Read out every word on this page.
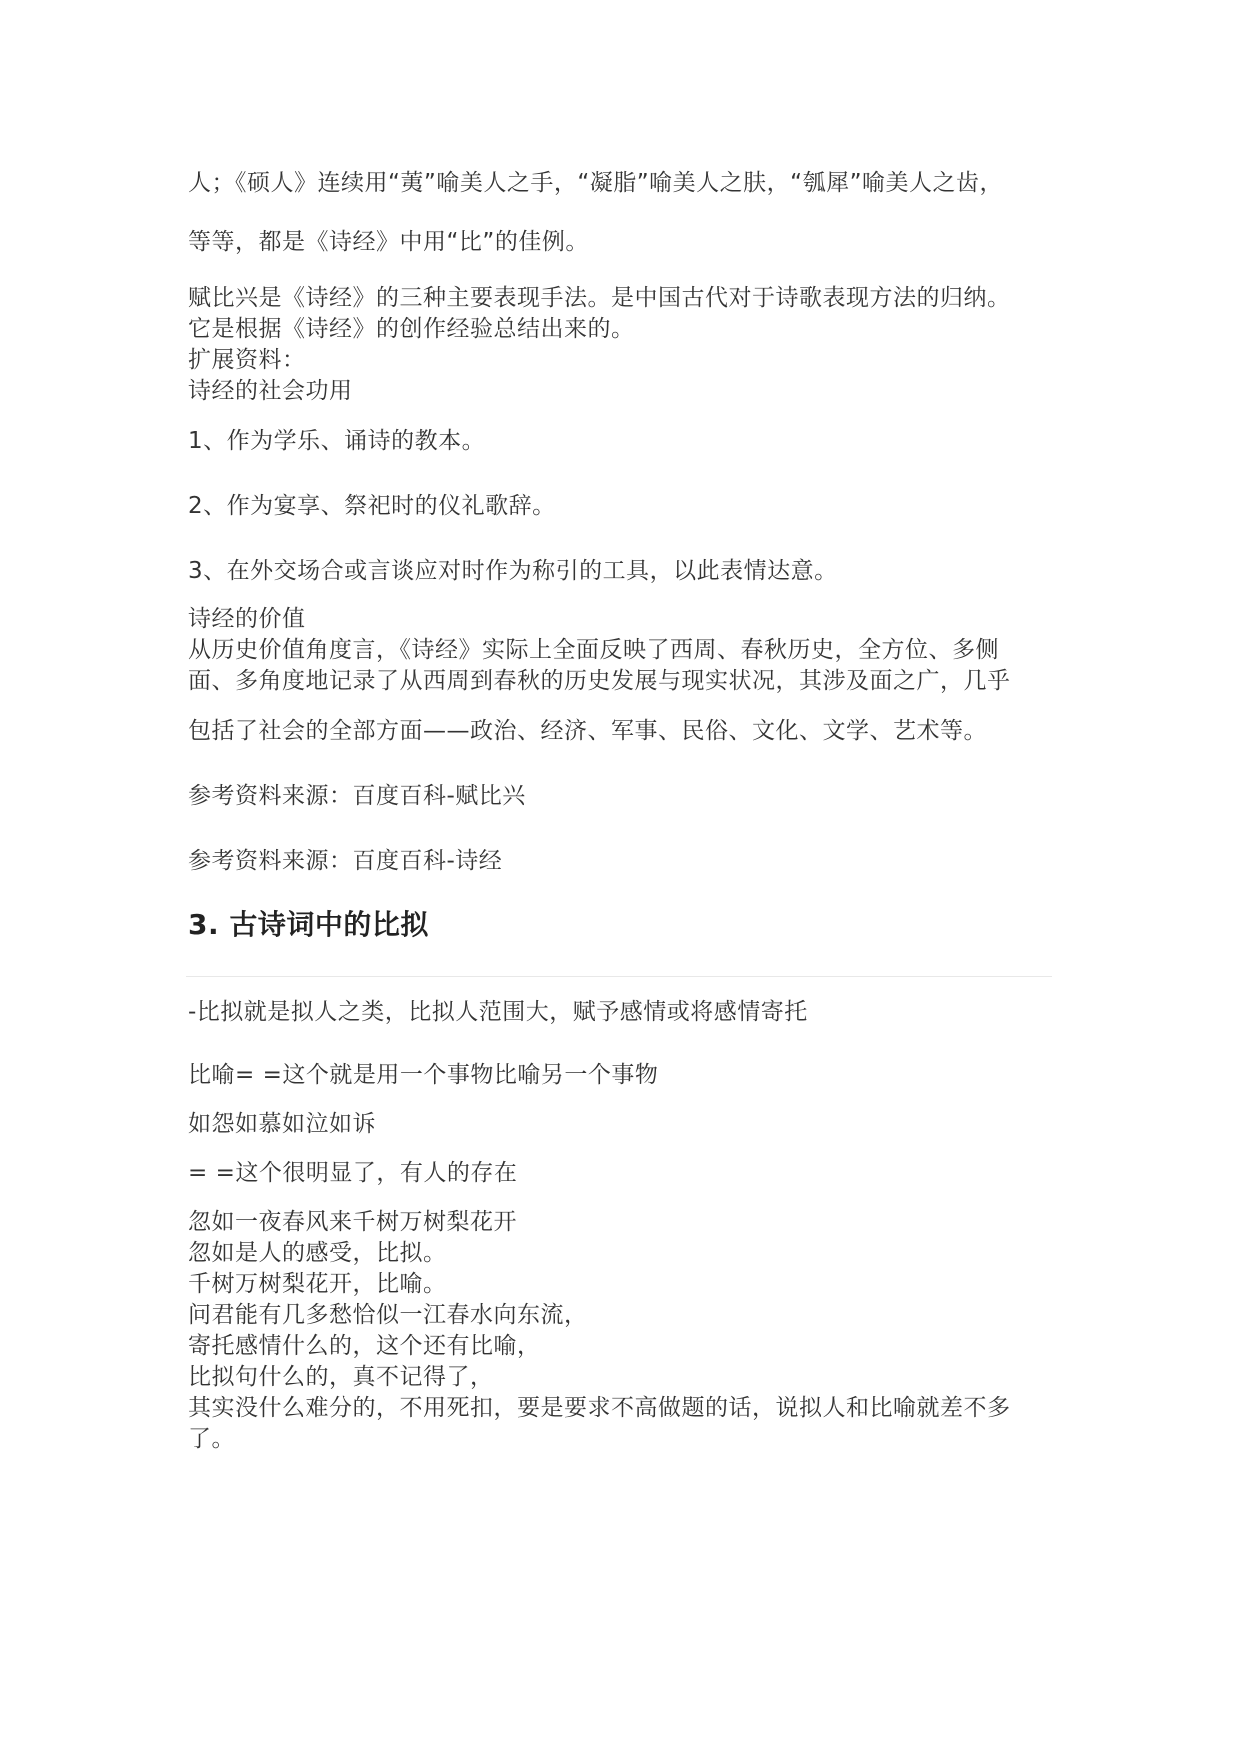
人；《硕人》连续用“荑”喻美人之手，“凝脂”喻美人之肤，“瓠犀”喻美人之齿，
等等，都是《诗经》中用“比”的佳例。
赋比兴是《诗经》的三种主要表现手法。是中国古代对于诗歌表现方法的归纳。
它是根据《诗经》的创作经验总结出来的。
扩展资料：
诗经的社会功用
1、作为学乐、诵诗的教本。
2、作为宴享、祭祀时的仪礼歌辞。
3、在外交场合或言谈应对时作为称引的工具，以此表情达意。
诗经的价值
从历史价值角度言，《诗经》实际上全面反映了西周、春秋历史，全方位、多侧
面、多角度地记录了从西周到春秋的历史发展与现实状况，其涉及面之广，几乎
包括了社会的全部方面——政治、经济、军事、民俗、文化、文学、艺术等。
参考资料来源：百度百科-赋比兴
参考资料来源：百度百科-诗经
3. 古诗词中的比拟
-比拟就是拟人之类，比拟人范围大，赋予感情或将感情寄托
比喻= =这个就是用一个事物比喻另一个事物
如怨如慕如泣如诉
= =这个很明显了，有人的存在
忽如一夜春风来千树万树梨花开
忽如是人的感受，比拟。
千树万树梨花开，比喻。
问君能有几多愁恰似一江春水向东流，
寄托感情什么的，这个还有比喻，
比拟句什么的，真不记得了，
其实没什么难分的，不用死扣，要是要求不高做题的话，说拟人和比喻就差不多
了。
